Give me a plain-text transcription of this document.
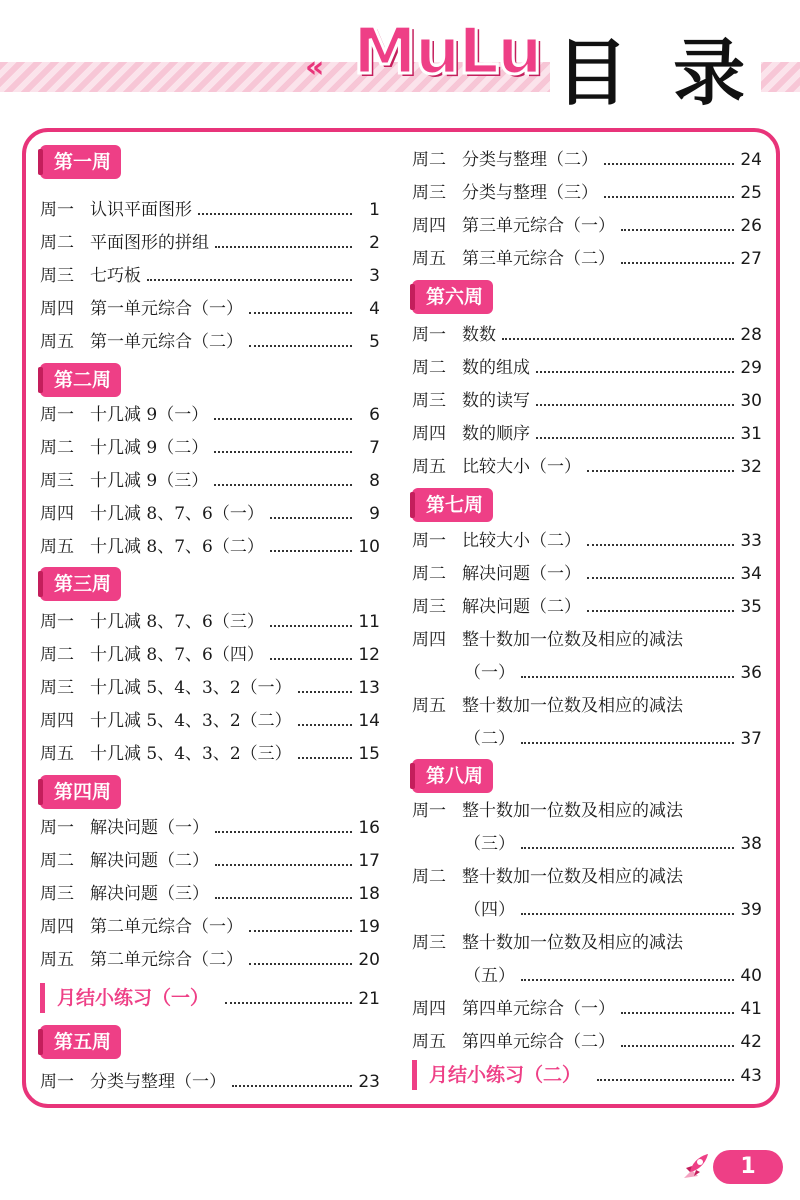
« MuLu 目 录
第一周
周一 认识平面图形	1
周二 平面图形的拼组	2
周三 七巧板	3
周四 第一单元综合（一）	4
周五 第一单元综合（二）	5
第二周
周一 十几减 9（一）	6
周二 十几减 9（二）	7
周三 十几减 9（三）	8
周四 十几减 8、7、6（一）	9
周五 十几减 8、7、6（二）	10
第三周
周一 十几减 8、7、6（三）	11
周二 十几减 8、7、6（四）	12
周三 十几减 5、4、3、2（一）	13
周四 十几减 5、4、3、2（二）	14
周五 十几减 5、4、3、2（三）	15
第四周
周一 解决问题（一）	16
周二 解决问题（二）	17
周三 解决问题（三）	18
周四 第二单元综合（一）	19
周五 第二单元综合（二）	20
月结小练习（一）	21
第五周
周一 分类与整理（一）	23
周二 分类与整理（二）	24
周三 分类与整理（三）	25
周四 第三单元综合（一）	26
周五 第三单元综合（二）	27
第六周
周一 数数	28
周二 数的组成	29
周三 数的读写	30
周四 数的顺序	31
周五 比较大小（一）	32
第七周
周一 比较大小（二）	33
周二 解决问题（一）	34
周三 解决问题（二）	35
周四 整十数加一位数及相应的减法
（一）	36
周五 整十数加一位数及相应的减法
（二）	37
第八周
周一 整十数加一位数及相应的减法
（三）	38
周二 整十数加一位数及相应的减法
（四）	39
周三 整十数加一位数及相应的减法
（五）	40
周四 第四单元综合（一）	41
周五 第四单元综合（二）	42
月结小练习（二）	43
1
